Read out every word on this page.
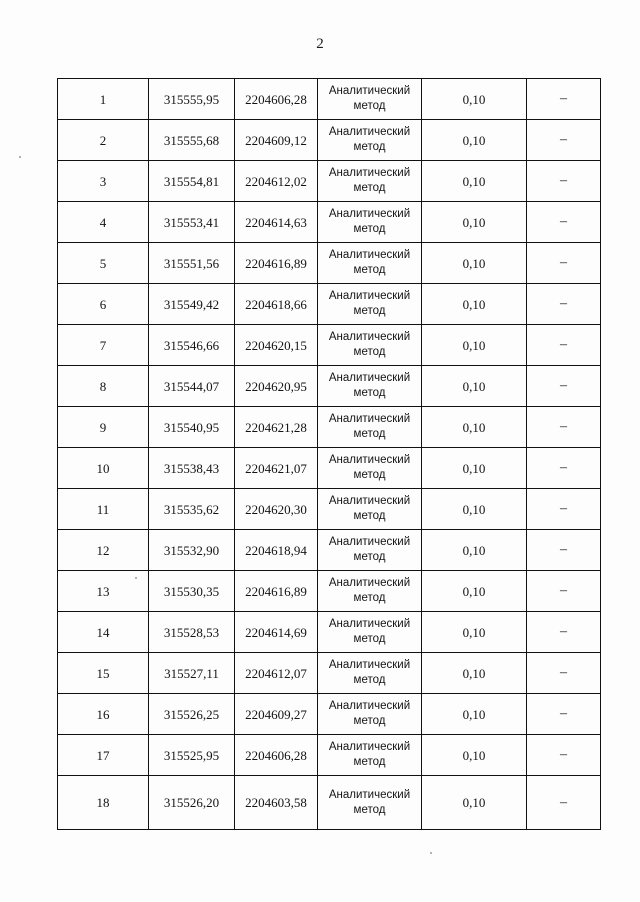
2
1	315555,95	2204606,28	Аналитический метод	0,10	–
2	315555,68	2204609,12	Аналитический метод	0,10	–
3	315554,81	2204612,02	Аналитический метод	0,10	–
4	315553,41	2204614,63	Аналитический метод	0,10	–
5	315551,56	2204616,89	Аналитический метод	0,10	–
6	315549,42	2204618,66	Аналитический метод	0,10	–
7	315546,66	2204620,15	Аналитический метод	0,10	–
8	315544,07	2204620,95	Аналитический метод	0,10	–
9	315540,95	2204621,28	Аналитический метод	0,10	–
10	315538,43	2204621,07	Аналитический метод	0,10	–
11	315535,62	2204620,30	Аналитический метод	0,10	–
12	315532,90	2204618,94	Аналитический метод	0,10	–
13	315530,35	2204616,89	Аналитический метод	0,10	–
14	315528,53	2204614,69	Аналитический метод	0,10	–
15	315527,11	2204612,07	Аналитический метод	0,10	–
16	315526,25	2204609,27	Аналитический метод	0,10	–
17	315525,95	2204606,28	Аналитический метод	0,10	–
18	315526,20	2204603,58	Аналитический метод	0,10	–
